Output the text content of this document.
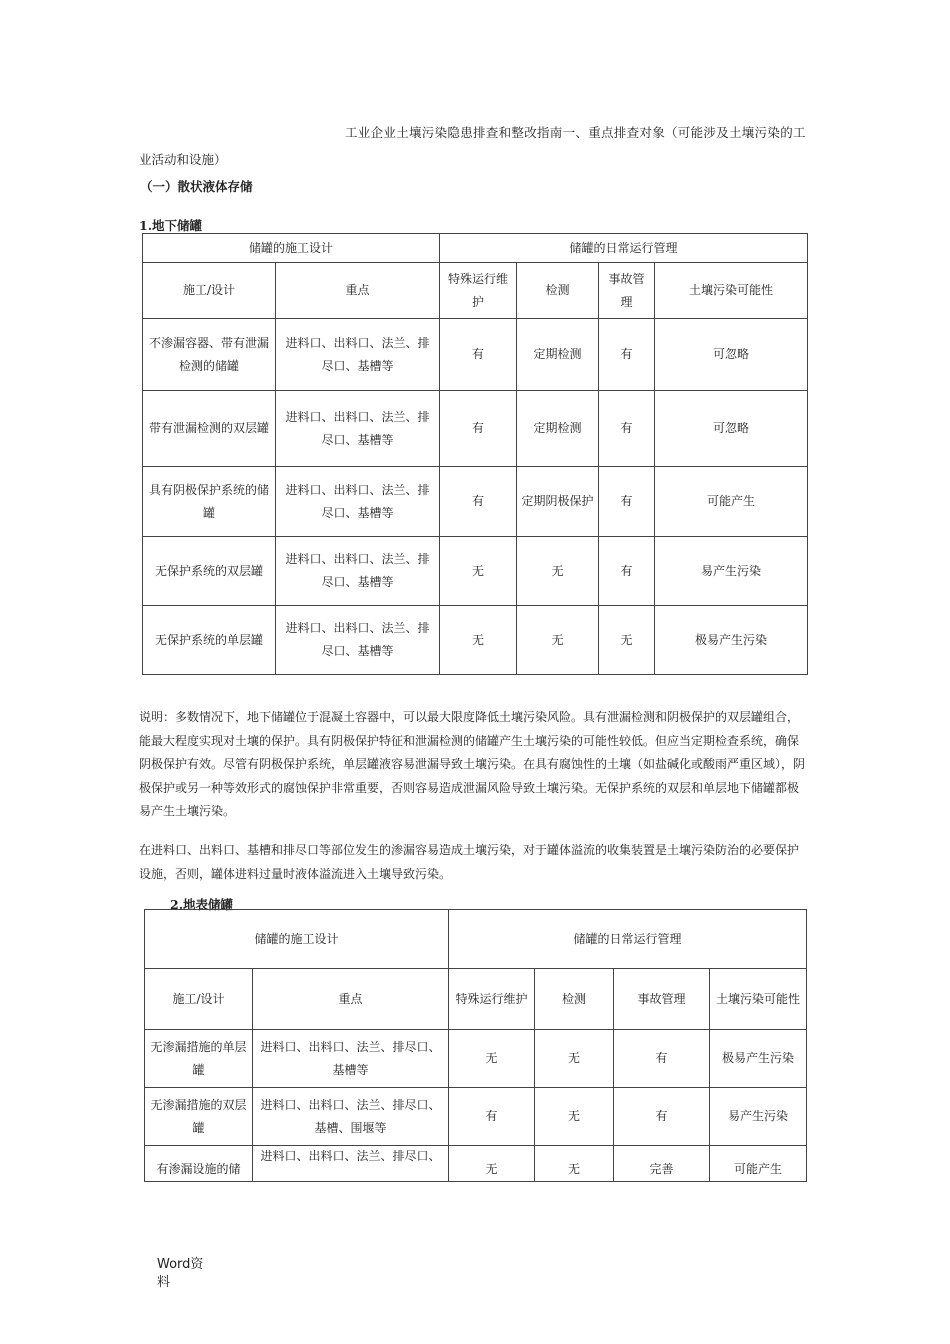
工业企业土壤污染隐患排查和整改指南一、重点排查对象（可能涉及土壤污染的工
业活动和设施）
（一）散状液体存储
1.地下储罐
储罐的施工设计		储罐的日常运行管理			
施工/设计	重点	特殊运行维护	检测	事故管理	土壤污染可能性
不渗漏容器、带有泄漏检测的储罐	进料口、出料口、法兰、排尽口、基槽等	有	定期检测	有	可忽略
带有泄漏检测的双层罐	进料口、出料口、法兰、排尽口、基槽等	有	定期检测	有	可忽略
具有阴极保护系统的储罐	进料口、出料口、法兰、排尽口、基槽等	有	定期阴极保护	有	可能产生
无保护系统的双层罐	进料口、出料口、法兰、排尽口、基槽等	无	无	有	易产生污染
无保护系统的单层罐	进料口、出料口、法兰、排尽口、基槽等	无	无	无	极易产生污染
说明：多数情况下，地下储罐位于混凝土容器中，可以最大限度降低土壤污染风险。具有泄漏检测和阴极保护的双层罐组合，能最大程度实现对土壤的保护。具有阴极保护特征和泄漏检测的储罐产生土壤污染的可能性较低。但应当定期检查系统，确保阴极保护有效。尽管有阴极保护系统，单层罐液容易泄漏导致土壤污染。在具有腐蚀性的土壤（如盐碱化或酸雨严重区域），阴极保护或另一种等效形式的腐蚀保护非常重要，否则容易造成泄漏风险导致土壤污染。无保护系统的双层和单层地下储罐都极易产生土壤污染。
在进料口、出料口、基槽和排尽口等部位发生的渗漏容易造成土壤污染，对于罐体溢流的收集装置是土壤污染防治的必要保护设施，否则，罐体进料过量时液体溢流进入土壤导致污染。
2.地表储罐
储罐的施工设计		储罐的日常运行管理			
施工/设计	重点	特殊运行维护	检测	事故管理	土壤污染可能性
无渗漏措施的单层罐	进料口、出料口、法兰、排尽口、基槽等	无	无	有	极易产生污染
无渗漏措施的双层罐	进料口、出料口、法兰、排尽口、基槽、围堰等	有	无	有	易产生污染
有渗漏设施的储	进料口、出料口、法兰、排尽口、	无	无	完善	可能产生
Word资
料
